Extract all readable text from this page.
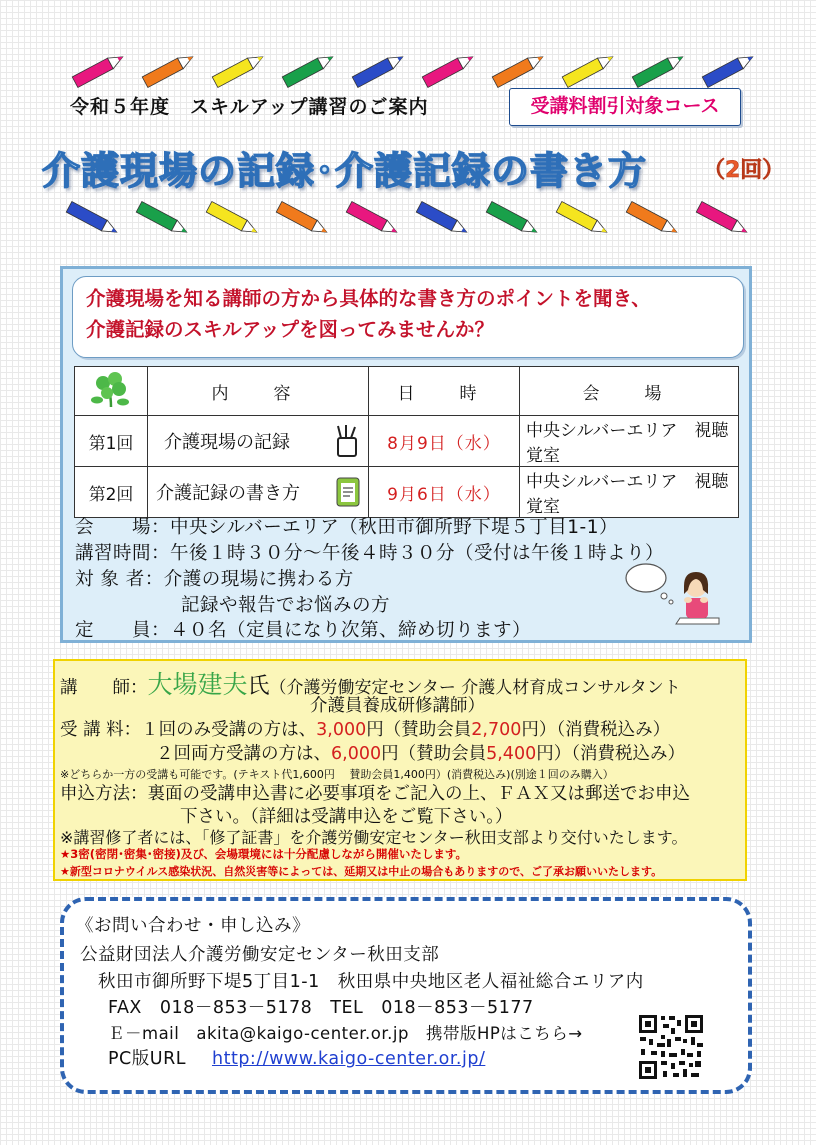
令和５年度　スキルアップ講習のご案内	受講料割引対象コース
介護現場の記録･介護記録の書き方	（2回）
介護現場を知る講師の方から具体的な書き方のポイントを聞き、
介護記録のスキルアップを図ってみませんか？
	内　容	日　時	会　場
第1回	介護現場の記録	8月9日（水）	中央シルバーエリア　視聴覚室
第2回	介護記録の書き方	9月6日（水）	中央シルバーエリア　視聴覚室
会　　場：中央シルバーエリア（秋田市御所野下堤５丁目1-1）
講習時間：午後１時３０分～午後４時３０分（受付は午後１時より）
対 象 者：介護の現場に携わる方
記録や報告でお悩みの方
定　　員：４０名（定員になり次第、締め切ります）
講　　師：大場建夫氏（介護労働安定センター 介護人材育成コンサルタント
介護員養成研修講師）
受 講 料：１回のみ受講の方は、3,000円（賛助会員2,700円）（消費税込み）
２回両方受講の方は、6,000円（賛助会員5,400円）（消費税込み）
※どちらか一方の受講も可能です。(テキスト代1,600円　 賛助会員1,400円）(消費税込み)(別途１回のみ購入）
申込方法：裏面の受講申込書に必要事項をご記入の上、ＦＡＸ又は郵送でお申込
下さい。（詳細は受講申込をご覧下さい。）
※講習修了者には、「修了証書」を介護労働安定センター秋田支部より交付いたします。
★3密(密閉･密集･密接)及び、会場環境には十分配慮しながら開催いたします。
★新型コロナウイルス感染状況、自然災害等によっては、延期又は中止の場合もありますので、ご了承お願いいたします。
《お問い合わせ・申し込み》
公益財団法人介護労働安定センター秋田支部
秋田市御所野下堤5丁目1-1　秋田県中央地区老人福祉総合エリア内
FAX　018－853－5178　TEL　018－853－5177
Ｅ－mail　akita@kaigo-center.or.jp　携帯版HPはこちら→
PC版URL http://www.kaigo-center.or.jp/
